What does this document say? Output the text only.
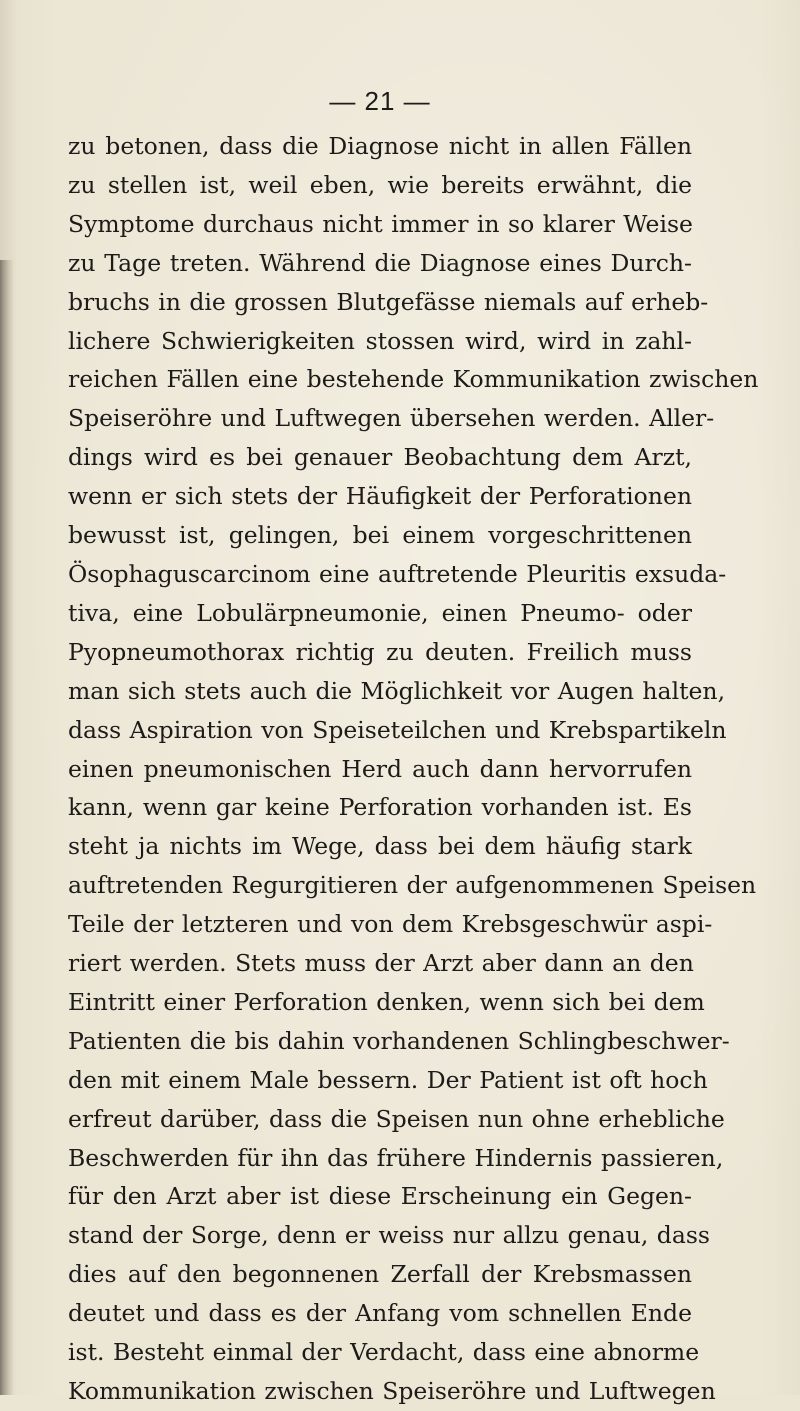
— 21 —
zu betonen, dass die Diagnose nicht in allen Fällen
zu stellen ist, weil eben, wie bereits erwähnt, die
Symptome durchaus nicht immer in so klarer Weise
zu Tage treten. Während die Diagnose eines Durch-
bruchs in die grossen Blutgefässe niemals auf erheb-
lichere Schwierigkeiten stossen wird, wird in zahl-
reichen Fällen eine bestehende Kommunikation zwischen
Speiseröhre und Luftwegen übersehen werden. Aller-
dings wird es bei genauer Beobachtung dem Arzt,
wenn er sich stets der Häufigkeit der Perforationen
bewusst ist, gelingen, bei einem vorgeschrittenen
Ösophaguscarcinom eine auftretende Pleuritis exsuda-
tiva, eine Lobulärpneumonie, einen Pneumo- oder
Pyopneumothorax richtig zu deuten. Freilich muss
man sich stets auch die Möglichkeit vor Augen halten,
dass Aspiration von Speiseteilchen und Krebspartikeln
einen pneumonischen Herd auch dann hervorrufen
kann, wenn gar keine Perforation vorhanden ist. Es
steht ja nichts im Wege, dass bei dem häufig stark
auftretenden Regurgitieren der aufgenommenen Speisen
Teile der letzteren und von dem Krebsgeschwür aspi-
riert werden. Stets muss der Arzt aber dann an den
Eintritt einer Perforation denken, wenn sich bei dem
Patienten die bis dahin vorhandenen Schlingbeschwer-
den mit einem Male bessern. Der Patient ist oft hoch
erfreut darüber, dass die Speisen nun ohne erhebliche
Beschwerden für ihn das frühere Hindernis passieren,
für den Arzt aber ist diese Erscheinung ein Gegen-
stand der Sorge, denn er weiss nur allzu genau, dass
dies auf den begonnenen Zerfall der Krebsmassen
deutet und dass es der Anfang vom schnellen Ende
ist. Besteht einmal der Verdacht, dass eine abnorme
Kommunikation zwischen Speiseröhre und Luftwegen
